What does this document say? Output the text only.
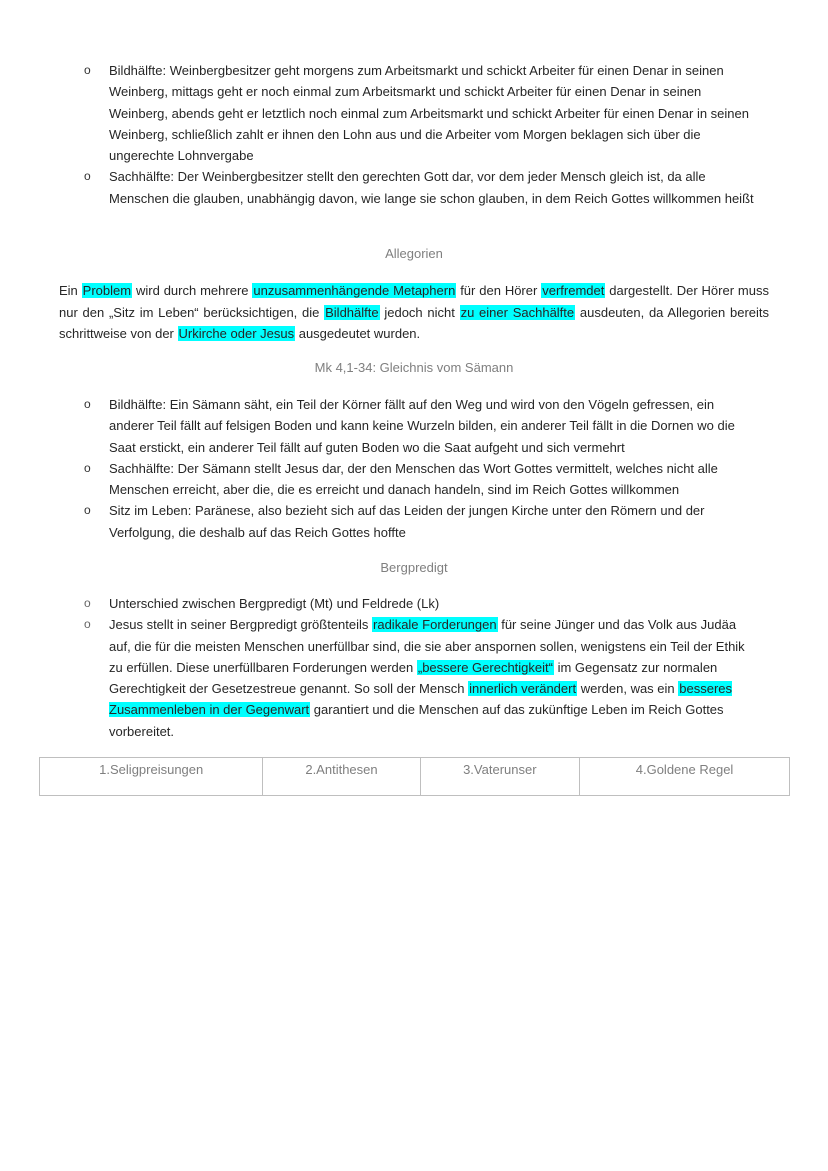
o Bildhälfte: Weinbergbesitzer geht morgens zum Arbeitsmarkt und schickt Arbeiter für einen Denar in seinen Weinberg, mittags geht er noch einmal zum Arbeitsmarkt und schickt Arbeiter für einen Denar in seinen Weinberg, abends geht er letztlich noch einmal zum Arbeitsmarkt und schickt Arbeiter für einen Denar in seinen Weinberg, schließlich zahlt er ihnen den Lohn aus und die Arbeiter vom Morgen beklagen sich über die ungerechte Lohnvergabe
o Sachhälfte: Der Weinbergbesitzer stellt den gerechten Gott dar, vor dem jeder Mensch gleich ist, da alle Menschen die glauben, unabhängig davon, wie lange sie schon glauben, in dem Reich Gottes willkommen heißt
Allegorien
Ein Problem wird durch mehrere unzusammenhängende Metaphern für den Hörer verfremdet dargestellt. Der Hörer muss nur den „Sitz im Leben“ berücksichtigen, die Bildhälfte jedoch nicht zu einer Sachhälfte ausdeuten, da Allegorien bereits schrittweise von der Urkirche oder Jesus ausgedeutet wurden.
Mk 4,1-34: Gleichnis vom Sämann
o Bildhälfte: Ein Sämann säht, ein Teil der Körner fällt auf den Weg und wird von den Vögeln gefressen, ein anderer Teil fällt auf felsigen Boden und kann keine Wurzeln bilden, ein anderer Teil fällt in die Dornen wo die Saat erstickt, ein anderer Teil fällt auf guten Boden wo die Saat aufgeht und sich vermehrt
o Sachhälfte: Der Sämann stellt Jesus dar, der den Menschen das Wort Gottes vermittelt, welches nicht alle Menschen erreicht, aber die, die es erreicht und danach handeln, sind im Reich Gottes willkommen
o Sitz im Leben: Paränese, also bezieht sich auf das Leiden der jungen Kirche unter den Römern und der Verfolgung, die deshalb auf das Reich Gottes hoffte
Bergpredigt
o Unterschied zwischen Bergpredigt (Mt) und Feldrede (Lk)
o Jesus stellt in seiner Bergpredigt größtenteils radikale Forderungen für seine Jünger und das Volk aus Judäa auf, die für die meisten Menschen unerfüllbar sind, die sie aber anspornen sollen, wenigstens ein Teil der Ethik zu erfüllen. Diese unerfüllbaren Forderungen werden „bessere Gerechtigkeit“ im Gegensatz zur normalen Gerechtigkeit der Gesetzestreue genannt. So soll der Mensch innerlich verändert werden, was ein besseres Zusammenleben in der Gegenwart garantiert und die Menschen auf das zukünftige Leben im Reich Gottes vorbereitet.
1.Seligpreisungen	2.Antithesen	3.Vaterunser	4.Goldene Regel
